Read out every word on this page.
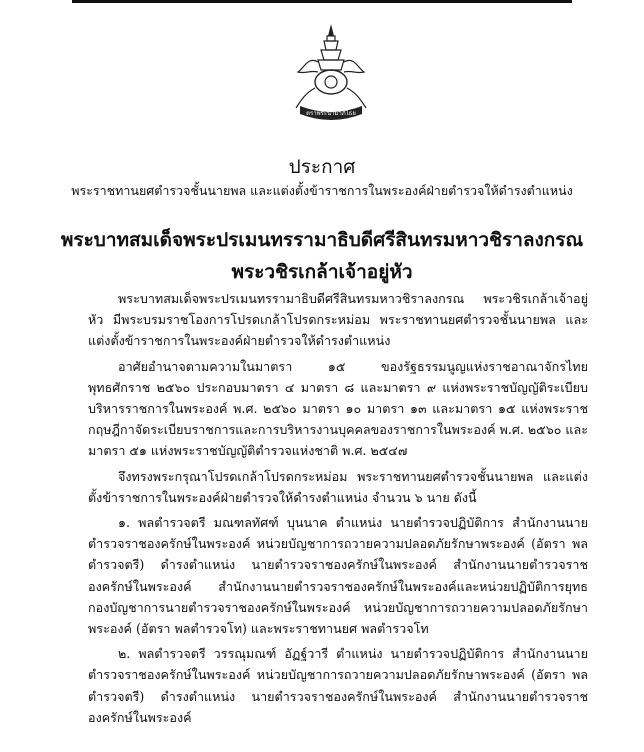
ตราพระนามาภิไธย
ประกาศ
พระราชทานยศตำรวจชั้นนายพล และแต่งตั้งข้าราชการในพระองค์ฝ่ายตำรวจให้ดำรงตำแหน่ง
พระบาทสมเด็จพระปรเมนทรรามาธิบดีศรีสินทรมหาวชิราลงกรณ
พระวชิรเกล้าเจ้าอยู่หัว

พระบาทสมเด็จพระปรเมนทรรามาธิบดีศรีสินทรมหาวชิราลงกรณ พระวชิรเกล้าเจ้าอยู่หัว มีพระบรมราชโองการโปรดเกล้าโปรดกระหม่อม พระราชทานยศตำรวจชั้นนายพล และแต่งตั้งข้าราชการในพระองค์ฝ่ายตำรวจให้ดำรงตำแหน่ง

อาศัยอำนาจตามความในมาตรา ๑๕ ของรัฐธรรมนูญแห่งราชอาณาจักรไทย พุทธศักราช ๒๕๖๐ ประกอบมาตรา ๔ มาตรา ๘ และมาตรา ๙ แห่งพระราชบัญญัติระเบียบบริหารราชการในพระองค์ พ.ศ. ๒๕๖๐ มาตรา ๑๐ มาตรา ๑๓ และมาตรา ๑๕ แห่งพระราชกฤษฎีกาจัดระเบียบราชการและการบริหารงานบุคคลของราชการในพระองค์ พ.ศ. ๒๕๖๐ และมาตรา ๕๑ แห่งพระราชบัญญัติตำรวจแห่งชาติ พ.ศ. ๒๕๔๗

จึงทรงพระกรุณาโปรดเกล้าโปรดกระหม่อม พระราชทานยศตำรวจชั้นนายพล และแต่งตั้งข้าราชการในพระองค์ฝ่ายตำรวจให้ดำรงตำแหน่ง จำนวน ๖ นาย ดังนี้

๑. พลตำรวจตรี มณฑลทัศฑ์ บุนนาค ตำแหน่ง นายตำรวจปฏิบัติการ สำนักงานนายตำรวจราชองครักษ์ในพระองค์ หน่วยบัญชาการถวายความปลอดภัยรักษาพระองค์ (อัตรา พลตำรวจตรี) ดำรงตำแหน่ง นายตำรวจราชองครักษ์ในพระองค์ สำนักงานนายตำรวจราชองครักษ์ในพระองค์ สำนักงานนายตำรวจราชองครักษ์ในพระองค์และหน่วยปฏิบัติการยุทธ กองบัญชาการนายตำรวจราชองครักษ์ในพระองค์ หน่วยบัญชาการถวายความปลอดภัยรักษาพระองค์ (อัตรา พลตำรวจโท) และพระราชทานยศ พลตำรวจโท

๒. พลตำรวจตรี วรรณุมณฑ์ อัฏฐ์วารี ตำแหน่ง นายตำรวจปฏิบัติการ สำนักงานนายตำรวจราชองครักษ์ในพระองค์ หน่วยบัญชาการถวายความปลอดภัยรักษาพระองค์ (อัตรา พลตำรวจตรี) ดำรงตำแหน่ง นายตำรวจราชองครักษ์ในพระองค์ สำนักงานนายตำรวจราชองครักษ์ในพระองค์
